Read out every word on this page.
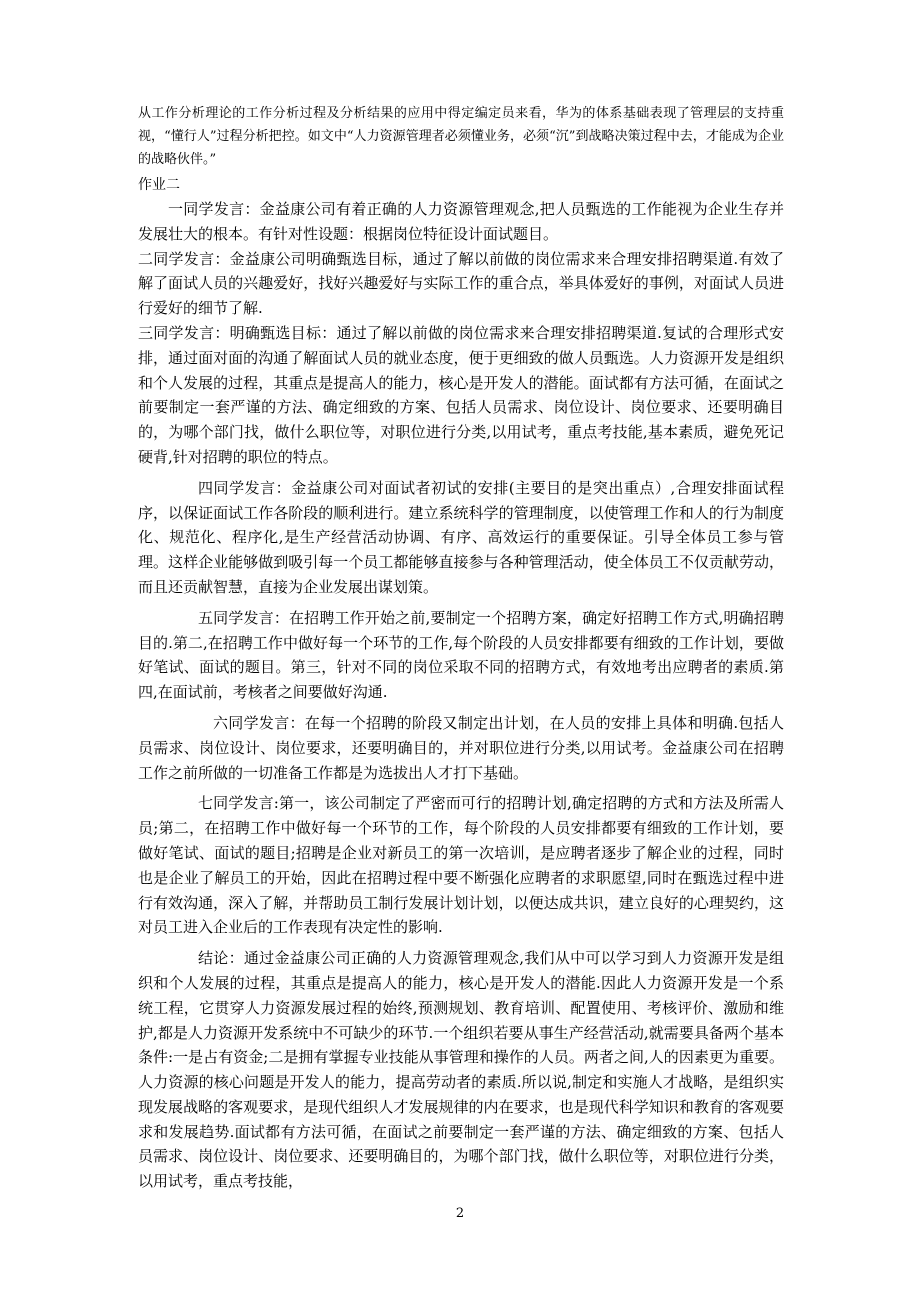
从工作分析理论的工作分析过程及分析结果的应用中得定编定员来看，华为的体系基础表现了管理层的支持重视，“懂行人”过程分析把控。如文中“人力资源管理者必须懂业务，必须“沉”到战略决策过程中去，才能成为企业的战略伙伴。”

作业二

一同学发言：金益康公司有着正确的人力资源管理观念,把人员甄选的工作能视为企业生存并发展壮大的根本。有针对性设题：根据岗位特征设计面试题目。

二同学发言：金益康公司明确甄选目标，通过了解以前做的岗位需求来合理安排招聘渠道.有效了解了面试人员的兴趣爱好，找好兴趣爱好与实际工作的重合点，举具体爱好的事例，对面试人员进行爱好的细节了解.

三同学发言：明确甄选目标：通过了解以前做的岗位需求来合理安排招聘渠道.复试的合理形式安排，通过面对面的沟通了解面试人员的就业态度，便于更细致的做人员甄选。人力资源开发是组织和个人发展的过程，其重点是提高人的能力，核心是开发人的潜能。面试都有方法可循，在面试之前要制定一套严谨的方法、确定细致的方案、包括人员需求、岗位设计、岗位要求、还要明确目的，为哪个部门找，做什么职位等，对职位进行分类,以用试考，重点考技能,基本素质，避免死记硬背,针对招聘的职位的特点。

四同学发言：金益康公司对面试者初试的安排(主要目的是突出重点）,合理安排面试程序，以保证面试工作各阶段的顺利进行。建立系统科学的管理制度，以使管理工作和人的行为制度化、规范化、程序化,是生产经营活动协调、有序、高效运行的重要保证。引导全体员工参与管理。这样企业能够做到吸引每一个员工都能够直接参与各种管理活动，使全体员工不仅贡献劳动，而且还贡献智慧，直接为企业发展出谋划策。

五同学发言：在招聘工作开始之前,要制定一个招聘方案，确定好招聘工作方式,明确招聘目的.第二,在招聘工作中做好每一个环节的工作,每个阶段的人员安排都要有细致的工作计划，要做好笔试、面试的题目。第三，针对不同的岗位采取不同的招聘方式，有效地考出应聘者的素质.第四,在面试前，考核者之间要做好沟通.

六同学发言：在每一个招聘的阶段又制定出计划，在人员的安排上具体和明确.包括人员需求、岗位设计、岗位要求，还要明确目的，并对职位进行分类,以用试考。金益康公司在招聘工作之前所做的一切准备工作都是为选拔出人才打下基础。

七同学发言:第一，该公司制定了严密而可行的招聘计划,确定招聘的方式和方法及所需人员;第二，在招聘工作中做好每一个环节的工作，每个阶段的人员安排都要有细致的工作计划，要做好笔试、面试的题目;招聘是企业对新员工的第一次培训，是应聘者逐步了解企业的过程，同时也是企业了解员工的开始，因此在招聘过程中要不断强化应聘者的求职愿望,同时在甄选过程中进行有效沟通，深入了解，并帮助员工制行发展计划计划，以便达成共识，建立良好的心理契约，这对员工进入企业后的工作表现有决定性的影响.

结论：通过金益康公司正确的人力资源管理观念,我们从中可以学习到人力资源开发是组织和个人发展的过程，其重点是提高人的能力，核心是开发人的潜能.因此人力资源开发是一个系统工程，它贯穿人力资源发展过程的始终,预测规划、教育培训、配置使用、考核评价、激励和维护,都是人力资源开发系统中不可缺少的环节.一个组织若要从事生产经营活动,就需要具备两个基本条件:一是占有资金;二是拥有掌握专业技能从事管理和操作的人员。两者之间,人的因素更为重要。人力资源的核心问题是开发人的能力，提高劳动者的素质.所以说,制定和实施人才战略，是组织实现发展战略的客观要求，是现代组织人才发展规律的内在要求，也是现代科学知识和教育的客观要求和发展趋势.面试都有方法可循，在面试之前要制定一套严谨的方法、确定细致的方案、包括人员需求、岗位设计、岗位要求、还要明确目的，为哪个部门找，做什么职位等，对职位进行分类，以用试考，重点考技能，

2
